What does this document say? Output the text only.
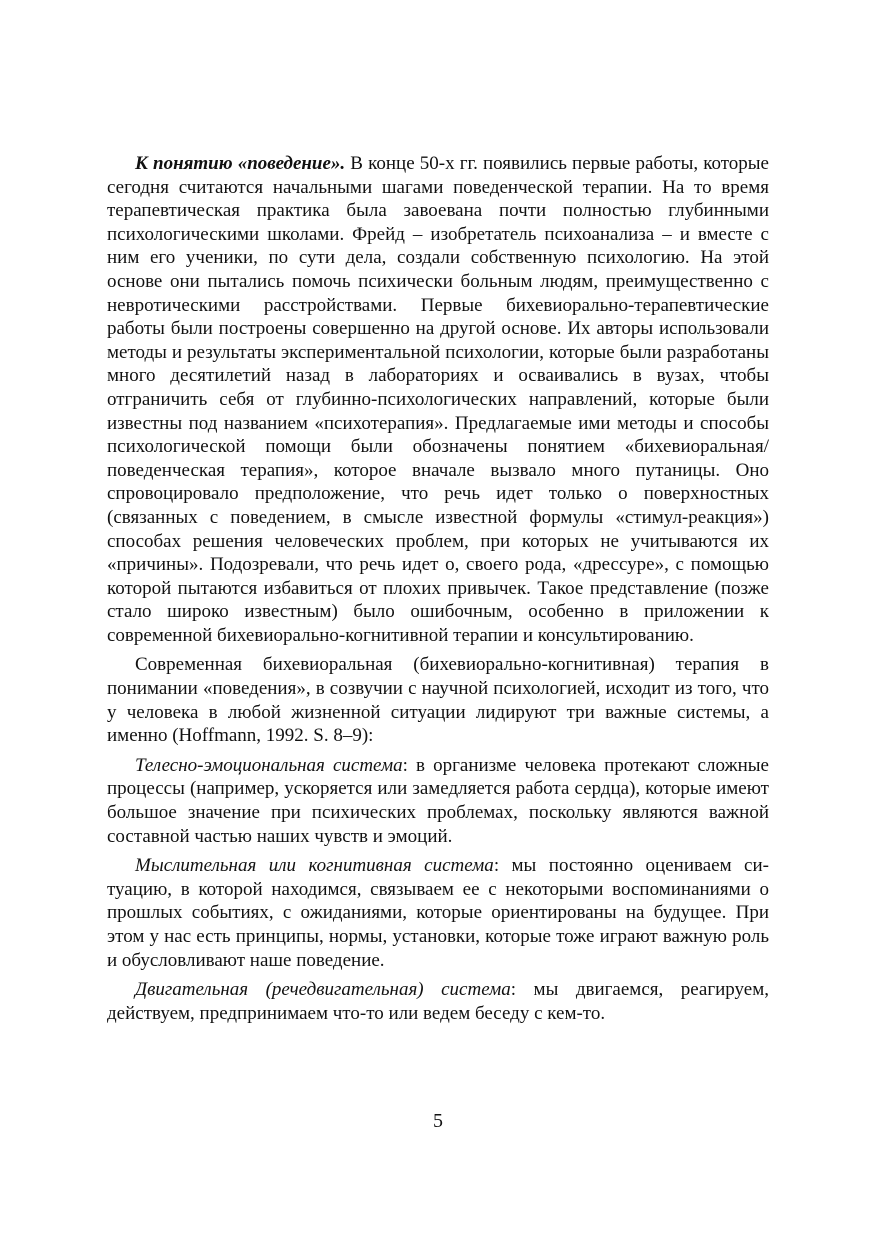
К понятию «поведение». В конце 50-х гг. появились первые работы, которые сегодня считаются начальными шагами поведенческой терапии. На то время терапевтическая практика была завоевана почти полностью глубинными психологическими школами. Фрейд – изобретатель психоанализа – и вместе с ним его ученики, по сути дела, создали собственную психологию. На этой основе они пытались помочь психически больным людям, преимущественно с невротическими расстройствами. Первые бихевиорально-терапевтические работы были построены совершенно на другой основе. Их авторы использовали методы и результаты экспериментальной психологии, которые были разработаны много десятилетий назад в лабораториях и осваивались в вузах, чтобы отграничить себя от глубинно-психологических направлений, которые были известны под названием «психотерапия». Предлагаемые ими методы и способы психологической помощи были обозначены понятием «бихевиоральная/поведенческая терапия», которое вначале вызвало много путаницы. Оно спровоцировало предположение, что речь идет только о поверхностных (связанных с поведением, в смысле известной формулы «стимул-реакция») способах решения человеческих проблем, при которых не учитываются их «причины». Подозревали, что речь идет о, своего рода, «дрессуре», с помощью которой пытаются избавиться от плохих привычек. Такое представление (позже стало широко известным) было ошибочным, особенно в приложении к современной бихевиорально-когнитивной терапии и консультированию.

Современная бихевиоральная (бихевиорально-когнитивная) терапия в понимании «поведения», в созвучии с научной психологией, исходит из того, что у человека в любой жизненной ситуации лидируют три важные системы, а именно (Hoffmann, 1992. S. 8–9):

Телесно-эмоциональная система: в организме человека протекают сложные процессы (например, ускоряется или замедляется работа сердца), которые имеют большое значение при психических проблемах, поскольку являются важной составной частью наших чувств и эмоций.

Мыслительная или когнитивная система: мы постоянно оцениваем ситуацию, в которой находимся, связываем ее с некоторыми воспоминаниями о прошлых событиях, с ожиданиями, которые ориентированы на будущее. При этом у нас есть принципы, нормы, установки, которые тоже играют важную роль и обусловливают наше поведение.

Двигательная (речедвигательная) система: мы двигаемся, реагируем, действуем, предпринимаем что-то или ведем беседу с кем-то.

5
